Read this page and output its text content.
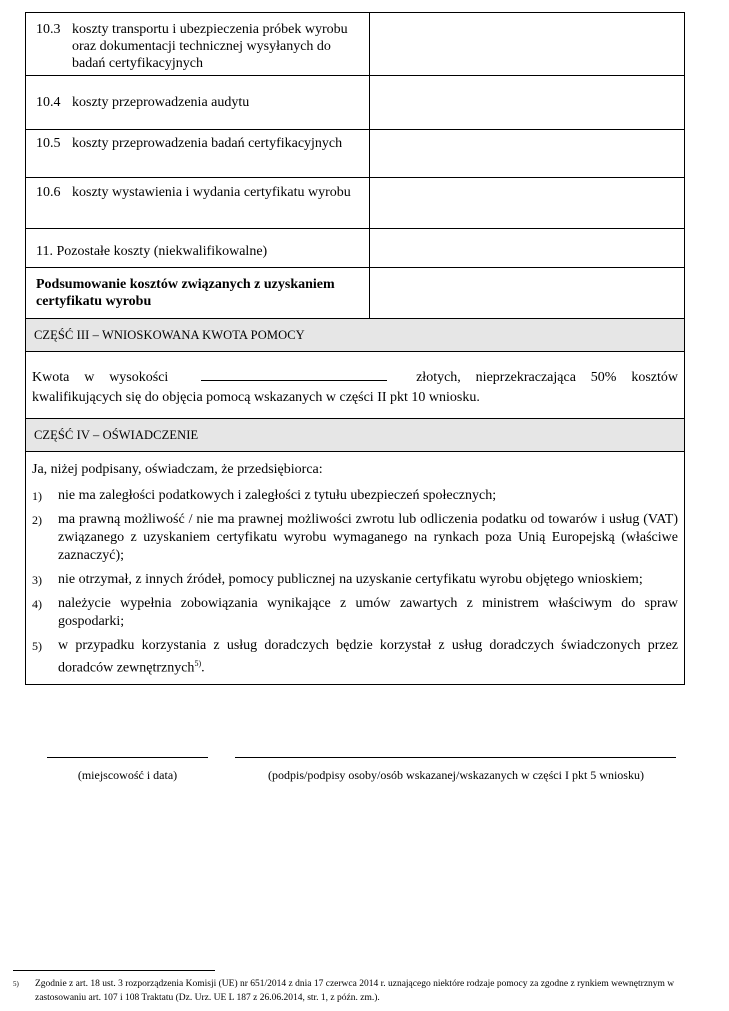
10.3 koszty transportu i ubezpieczenia próbek wyrobu oraz dokumentacji technicznej wysyłanych do badań certyfikacyjnych
10.4 koszty przeprowadzenia audytu
10.5 koszty przeprowadzenia badań certyfikacyjnych
10.6 koszty wystawienia i wydania certyfikatu wyrobu
11. Pozostałe koszty (niekwalifikowalne)
Podsumowanie kosztów związanych z uzyskaniem certyfikatu wyrobu
CZĘŚĆ III – WNIOSKOWANA KWOTA POMOCY
Kwota w wysokości	złotych, nieprzekraczająca 50% kosztów kwalifikujących się do objęcia pomocą wskazanych w części II pkt 10 wniosku.
CZĘŚĆ IV – OŚWIADCZENIE
Ja, niżej podpisany, oświadczam, że przedsiębiorca:
1)	nie ma zaległości podatkowych i zaległości z tytułu ubezpieczeń społecznych;
2)	ma prawną możliwość / nie ma prawnej możliwości zwrotu lub odliczenia podatku od towarów i usług (VAT) związanego z uzyskaniem certyfikatu wyrobu wymaganego na rynkach poza Unią Europejską (właściwe zaznaczyć);
3)	nie otrzymał, z innych źródeł, pomocy publicznej na uzyskanie certyfikatu wyrobu objętego wnioskiem;
4)	należycie wypełnia zobowiązania wynikające z umów zawartych z ministrem właściwym do spraw gospodarki;
5)	w przypadku korzystania z usług doradczych będzie korzystał z usług doradczych świadczonych przez doradców zewnętrznych$^{5)}$.
(miejscowość i data)	(podpis/podpisy osoby/osób wskazanej/wskazanych w części I pkt 5 wniosku)
5)	Zgodnie z art. 18 ust. 3 rozporządzenia Komisji (UE) nr 651/2014 z dnia 17 czerwca 2014 r. uznającego niektóre rodzaje pomocy za zgodne z rynkiem wewnętrznym w zastosowaniu art. 107 i 108 Traktatu (Dz. Urz. UE L 187 z 26.06.2014, str. 1, z późn. zm.).
